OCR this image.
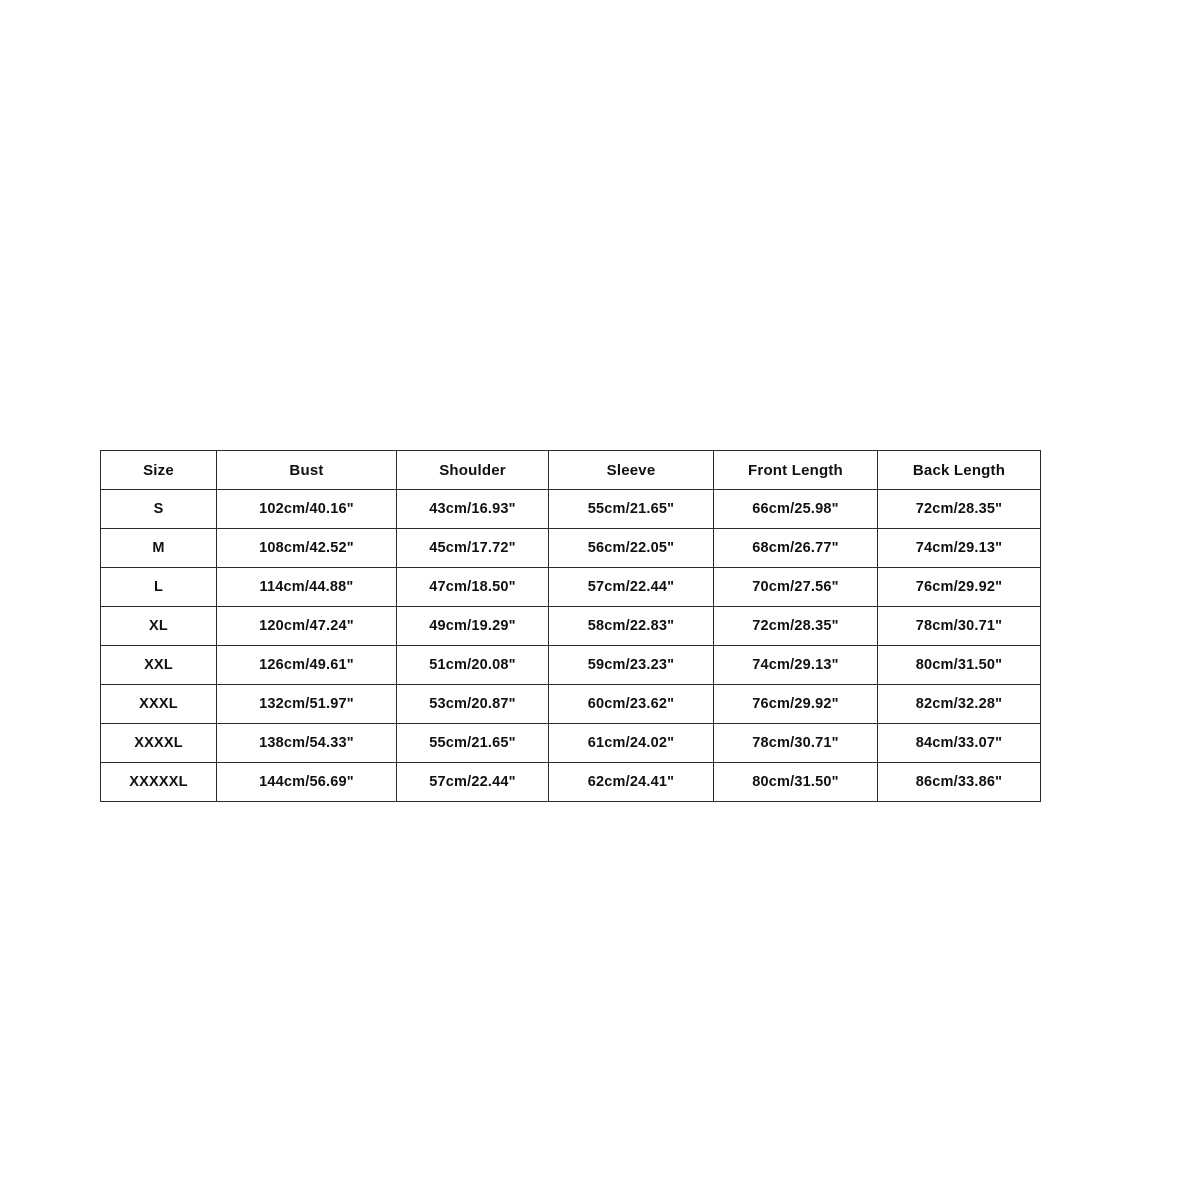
Size	Bust	Shoulder	Sleeve	Front Length	Back Length
S	102cm/40.16"	43cm/16.93"	55cm/21.65"	66cm/25.98"	72cm/28.35"
M	108cm/42.52"	45cm/17.72"	56cm/22.05"	68cm/26.77"	74cm/29.13"
L	114cm/44.88"	47cm/18.50"	57cm/22.44"	70cm/27.56"	76cm/29.92"
XL	120cm/47.24"	49cm/19.29"	58cm/22.83"	72cm/28.35"	78cm/30.71"
XXL	126cm/49.61"	51cm/20.08"	59cm/23.23"	74cm/29.13"	80cm/31.50"
XXXL	132cm/51.97"	53cm/20.87"	60cm/23.62"	76cm/29.92"	82cm/32.28"
XXXXL	138cm/54.33"	55cm/21.65"	61cm/24.02"	78cm/30.71"	84cm/33.07"
XXXXXL	144cm/56.69"	57cm/22.44"	62cm/24.41"	80cm/31.50"	86cm/33.86"
